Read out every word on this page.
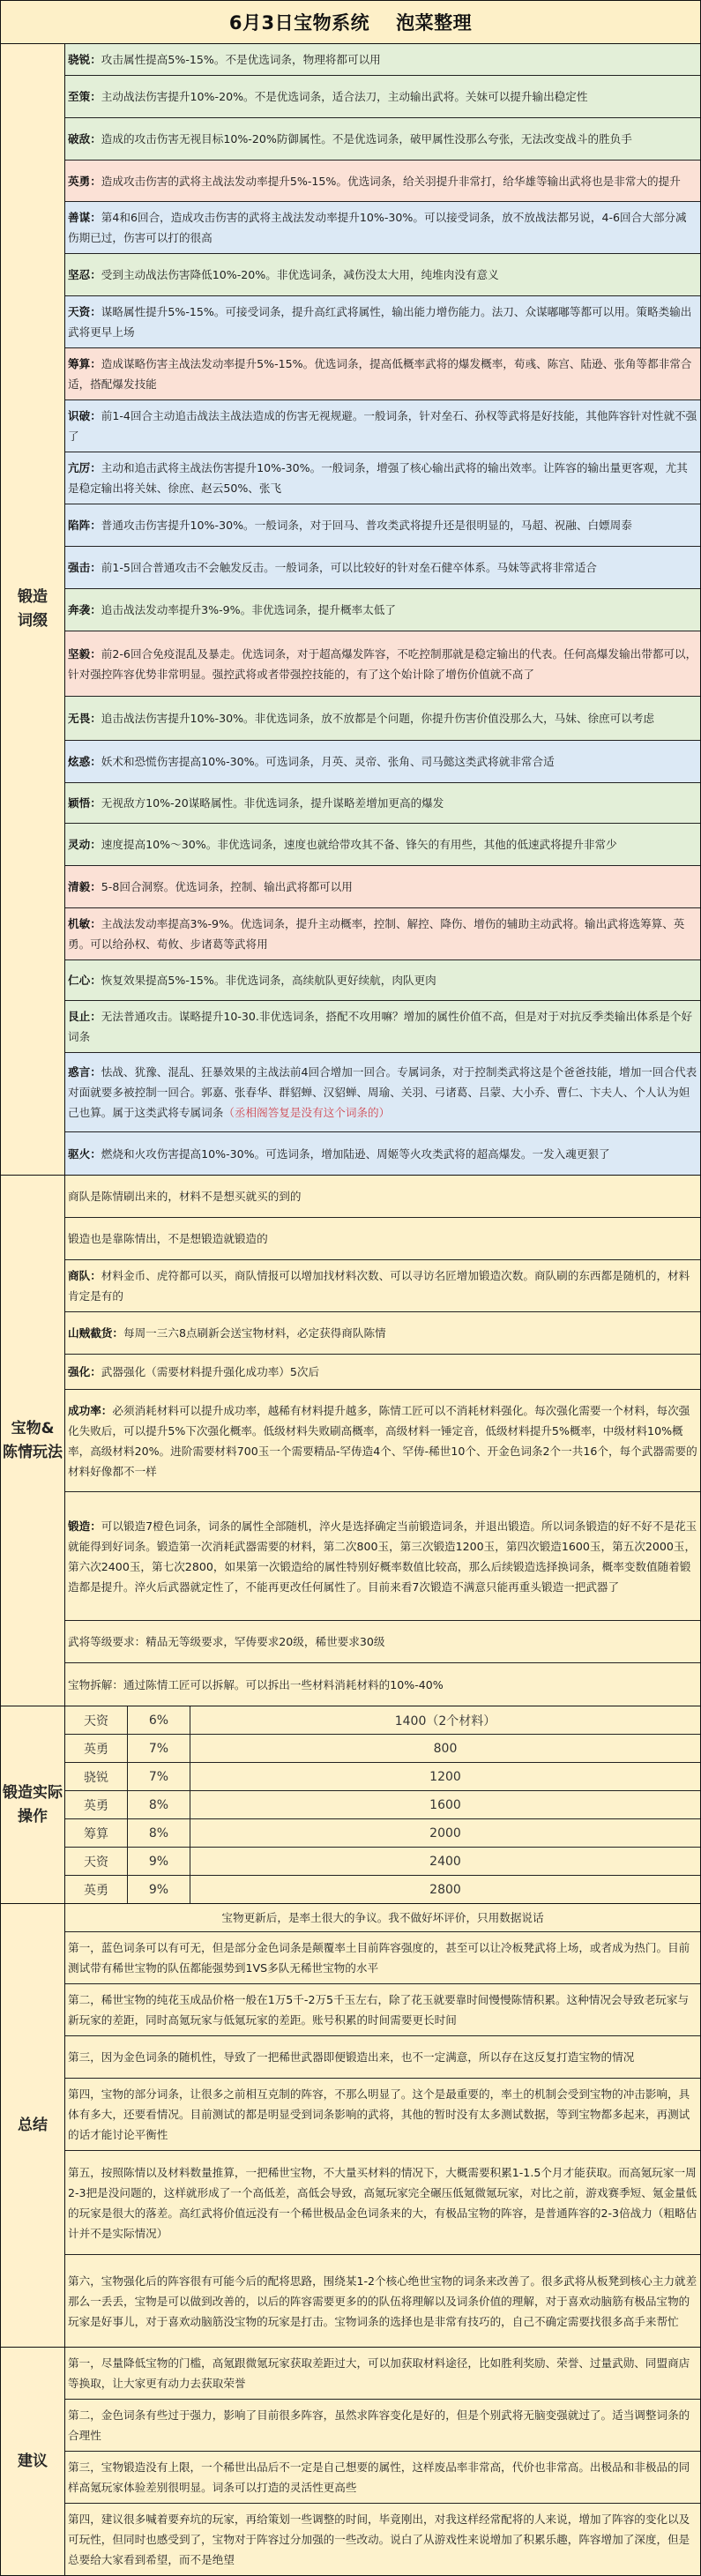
6月3日宝物系统 泡菜整理
锻造词缀
骁锐：攻击属性提高5%-15%。不是优选词条，物理将都可以用
至策：主动战法伤害提升10%-20%。不是优选词条，适合法刀，主动输出武将。关妹可以提升输出稳定性
破敌：造成的攻击伤害无视目标10%-20%防御属性。不是优选词条，破甲属性没那么夸张，无法改变战斗的胜负手
英勇：造成攻击伤害的武将主战法发动率提升5%-15%。优选词条，给关羽提升非常打，给华雄等输出武将也是非常大的提升
善谋：第4和6回合，造成攻击伤害的武将主战法发动率提升10%-30%。可以接受词条，放不放战法都另说，4-6回合大部分减伤期已过，伤害可以打的很高
坚忍：受到主动战法伤害降低10%-20%。非优选词条，减伤没太大用，纯堆肉没有意义
天资：谋略属性提升5%-15%。可接受词条，提升高红武将属性，输出能力增伤能力。法刀、众谋嘟嘟等都可以用。策略类输出武将更早上场
筹算：造成谋略伤害主战法发动率提升5%-15%。优选词条，提高低概率武将的爆发概率，荀彧、陈宫、陆逊、张角等都非常合适，搭配爆发技能
识破：前1-4回合主动追击战法主战法造成的伤害无视规避。一般词条，针对垒石、孙权等武将是好技能，其他阵容针对性就不强了
亢厉：主动和追击武将主战法伤害提升10%-30%。一般词条，增强了核心输出武将的输出效率。让阵容的输出量更客观，尤其是稳定输出将关妹、徐庶、赵云50%、张飞
陷阵：普通攻击伤害提升10%-30%。一般词条，对于回马、普攻类武将提升还是很明显的，马超、祝融、白嫖周泰
强击：前1-5回合普通攻击不会触发反击。一般词条，可以比较好的针对垒石健卒体系。马妹等武将非常适合
奔袭：追击战法发动率提升3%-9%。非优选词条，提升概率太低了
坚毅：前2-6回合免疫混乱及暴走。优选词条，对于超高爆发阵容，不吃控制那就是稳定输出的代表。任何高爆发输出带都可以，针对强控阵容优势非常明显。强控武将或者带强控技能的，有了这个始计除了增伤价值就不高了
无畏：追击战法伤害提升10%-30%。非优选词条，放不放都是个问题，你提升伤害价值没那么大，马妹、徐庶可以考虑
炫惑：妖术和恐慌伤害提高10%-30%。可选词条，月英、灵帝、张角、司马懿这类武将就非常合适
颖悟：无视敌方10%-20谋略属性。非优选词条，提升谋略差增加更高的爆发
灵动：速度提高10%～30%。非优选词条，速度也就给带攻其不备、锋矢的有用些，其他的低速武将提升非常少
清毅：5-8回合洞察。优选词条，控制、输出武将都可以用
机敏：主战法发动率提高3%-9%。优选词条，提升主动概率，控制、解控、降伤、增伤的辅助主动武将。输出武将选筹算、英勇。可以给孙权、荀攸、步诸葛等武将用
仁心：恢复效果提高5%-15%。非优选词条，高续航队更好续航，肉队更肉
艮止：无法普通攻击。谋略提升10-30.非优选词条，搭配不攻用嘛？增加的属性价值不高，但是对于对抗反季类输出体系是个好词条
惑言：怯战、犹豫、混乱、狂暴效果的主战法前4回合增加一回合。专属词条，对于控制类武将这是个爸爸技能，增加一回合代表对面就要多被控制一回合。郭嘉、张春华、群貂蝉、汉貂蝉、周瑜、关羽、弓诸葛、吕蒙、大小乔、曹仁、卞夫人、个人认为妲己也算。属于这类武将专属词条（丞相阁答复是没有这个词条的）
驱火：燃烧和火攻伤害提高10%-30%。可选词条，增加陆逊、周姬等火攻类武将的超高爆发。一发入魂更狠了
宝物&
陈情玩法
商队是陈情刷出来的，材料不是想买就买的到的
锻造也是靠陈情出，不是想锻造就锻造的
商队：材料金币、虎符都可以买，商队情报可以增加找材料次数、可以寻访名匠增加锻造次数。商队刷的东西都是随机的，材料肯定是有的
山贼截货：每周一三六8点刷新会送宝物材料，必定获得商队陈情
强化：武器强化（需要材料提升强化成功率）5次后
成功率：必须消耗材料可以提升成功率，越稀有材料提升越多，陈情工匠可以不消耗材料强化。每次强化需要一个材料，每次强化失败后，可以提升5%下次强化概率。低级材料失败刷高概率，高级材料一锤定音，低级材料提升5%概率，中级材料10%概率，高级材料20%。进阶需要材料700玉一个需要精品-罕俦造4个、罕俦-稀世10个、开金色词条2个一共16个，每个武器需要的材料好像都不一样
锻造：可以锻造7橙色词条，词条的属性全部随机，淬火是选择确定当前锻造词条，并退出锻造。所以词条锻造的好不好不是花玉就能得到好词条。锻造第一次消耗武器需要的材料，第二次800玉，第三次锻造1200玉，第四次锻造1600玉，第五次2000玉，第六次2400玉，第七次2800，如果第一次锻造给的属性特别好概率数值比较高，那么后续锻造选择换词条，概率变数值随着锻造都是提升。淬火后武器就定性了，不能再更改任何属性了。目前来看7次锻造不满意只能再重头锻造一把武器了
武将等级要求：精品无等级要求，罕俦要求20级，稀世要求30级
宝物拆解：通过陈情工匠可以拆解。可以拆出一些材料消耗材料的10%-40%
锻造实际
操作
天资	6%	1400（2个材料）
英勇	7%	800
骁锐	7%	1200
英勇	8%	1600
筹算	8%	2000
天资	9%	2400
英勇	9%	2800
总结
宝物更新后，是率土很大的争议。我不做好坏评价，只用数据说话
第一，蓝色词条可以有可无，但是部分金色词条是颠覆率土目前阵容强度的，甚至可以让冷板凳武将上场，或者成为热门。目前测试带有稀世宝物的队伍都能强势到1VS多队无稀世宝物的水平
第二，稀世宝物的纯花玉成品价格一般在1万5千-2万5千玉左右，除了花玉就要靠时间慢慢陈情积累。这种情况会导致老玩家与新玩家的差距，同时高氪玩家与低氪玩家的差距。账号积累的时间需要更长时间
第三，因为金色词条的随机性，导致了一把稀世武器即便锻造出来，也不一定满意，所以存在这反复打造宝物的情况
第四，宝物的部分词条，让很多之前相互克制的阵容，不那么明显了。这个是最重要的，率土的机制会受到宝物的冲击影响，具体有多大，还要看情况。目前测试的都是明显受到词条影响的武将，其他的暂时没有太多测试数据，等到宝物都多起来，再测试的话才能讨论平衡性
第五，按照陈情以及材料数量推算，一把稀世宝物，不大量买材料的情况下，大概需要积累1-1.5个月才能获取。而高氪玩家一周2-3把是没问题的，这样就形成了一个高低差，高低会导致，高氪玩家完全碾压低氪微氪玩家，对比之前，游戏赛季短、氪金量低的玩家是很大的落差。高红武将价值远没有一个稀世极品金色词条来的大，有极品宝物的阵容，是普通阵容的2-3倍战力（粗略估计并不是实际情况）
第六，宝物强化后的阵容很有可能今后的配将思路，围绕某1-2个核心绝世宝物的词条来改善了。很多武将从板凳到核心主力就差那么一丢丢，宝物是可以做到改善的，以后的阵容需要更多的的队伍将理解以及词条价值的理解，对于喜欢动脑筋有极品宝物的玩家是好事儿，对于喜欢动脑筋没宝物的玩家是打击。宝物词条的选择也是非常有技巧的，自己不确定需要找很多高手来帮忙
建议
第一，尽量降低宝物的门槛，高氪跟微氪玩家获取差距过大，可以加获取材料途径，比如胜利奖励、荣誉、过量武勋、同盟商店等换取，让大家更有动力去获取荣誉
第二，金色词条有些过于强力，影响了目前很多阵容，虽然求阵容变化是好的，但是个别武将无脑变强就过了。适当调整词条的合理性
第三，宝物锻造没有上限，一个稀世出品后不一定是自己想要的属性，这样废品率非常高，代价也非常高。出极品和非极品的同样高氪玩家体验差别很明显。词条可以打造的灵活性更高些
第四，建议很多喊着要弃坑的玩家，再给策划一些调整的时间，毕竟刚出，对我这样经常配将的人来说，增加了阵容的变化以及可玩性，但同时也感受到了，宝物对于阵容过分加强的一些改动。说白了从游戏性来说增加了积累乐趣，阵容增加了深度，但是总要给大家看到希望，而不是绝望
